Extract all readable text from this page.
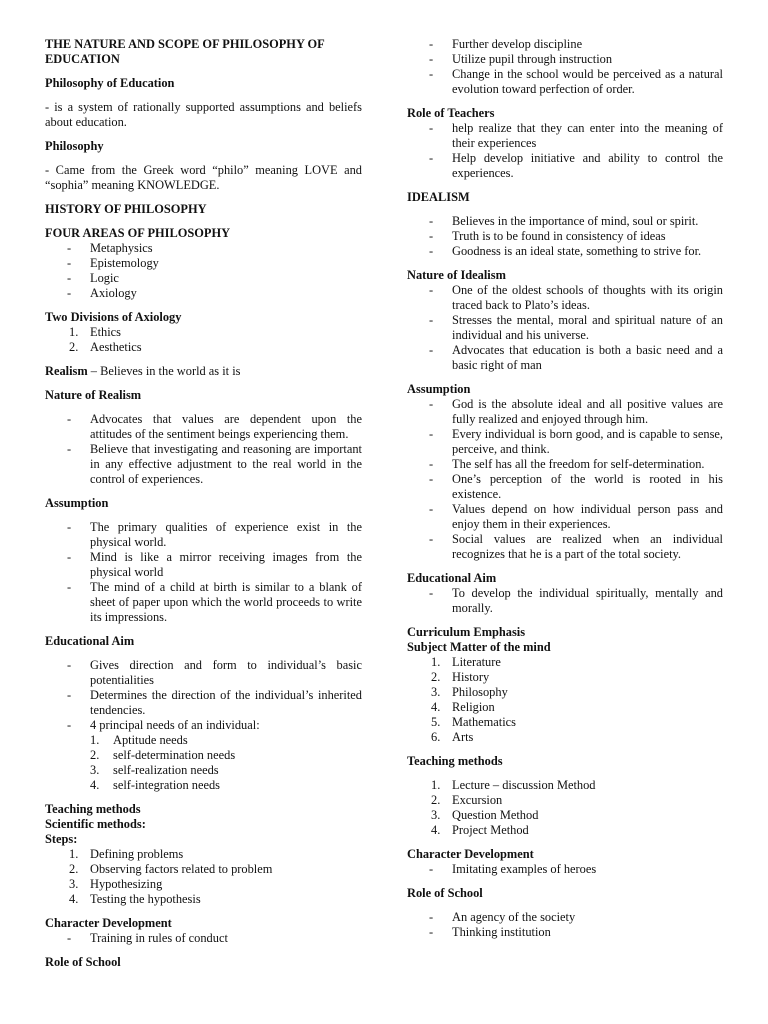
THE NATURE AND SCOPE OF PHILOSOPHY OF EDUCATION

Philosophy of Education

- is a system of rationally supported assumptions and beliefs about education.

Philosophy

- Came from the Greek word “philo” meaning LOVE and “sophia” meaning KNOWLEDGE.

HISTORY OF PHILOSOPHY

FOUR AREAS OF PHILOSOPHY

- Metaphysics
- Epistemology
- Logic
- Axiology

Two Divisions of Axiology

1. Ethics
2. Aesthetics

Realism – Believes in the world as it is

Nature of Realism

- Advocates that values are dependent upon the attitudes of the sentiment beings experiencing them.
- Believe that investigating and reasoning are important in any effective adjustment to the real world in the control of experiences.

Assumption

- The primary qualities of experience exist in the physical world.
- Mind is like a mirror receiving images from the physical world
- The mind of a child at birth is similar to a blank of sheet of paper upon which the world proceeds to write its impressions.

Educational Aim

- Gives direction and form to individual’s basic potentialities
- Determines the direction of the individual’s inherited tendencies.
- 4 principal needs of an individual:
1. Aptitude needs
2. self-determination needs
3. self-realization needs
4. self-integration needs

Teaching methods

Scientific methods:

Steps:

1. Defining problems
2. Observing factors related to problem
3. Hypothesizing
4. Testing the hypothesis

Character Development

- Training in rules of conduct

Role of School

- Further develop discipline
- Utilize pupil through instruction
- Change in the school would be perceived as a natural evolution toward perfection of order.

Role of Teachers

- help realize that they can enter into the meaning of their experiences
- Help develop initiative and ability to control the experiences.

IDEALISM

- Believes in the importance of mind, soul or spirit.
- Truth is to be found in consistency of ideas
- Goodness is an ideal state, something to strive for.

Nature of Idealism

- One of the oldest schools of thoughts with its origin traced back to Plato’s ideas.
- Stresses the mental, moral and spiritual nature of an individual and his universe.
- Advocates that education is both a basic need and a basic right of man

Assumption

- God is the absolute ideal and all positive values are fully realized and enjoyed through him.
- Every individual is born good, and is capable to sense, perceive, and think.
- The self has all the freedom for self-determination.
- One’s perception of the world is rooted in his existence.
- Values depend on how individual person pass and enjoy them in their experiences.
- Social values are realized when an individual recognizes that he is a part of the total society.

Educational Aim

- To develop the individual spiritually, mentally and morally.

Curriculum Emphasis

Subject Matter of the mind

1. Literature
2. History
3. Philosophy
4. Religion
5. Mathematics
6. Arts

Teaching methods

1. Lecture – discussion Method
2. Excursion
3. Question Method
4. Project Method

Character Development

- Imitating examples of heroes

Role of School

- An agency of the society
- Thinking institution
